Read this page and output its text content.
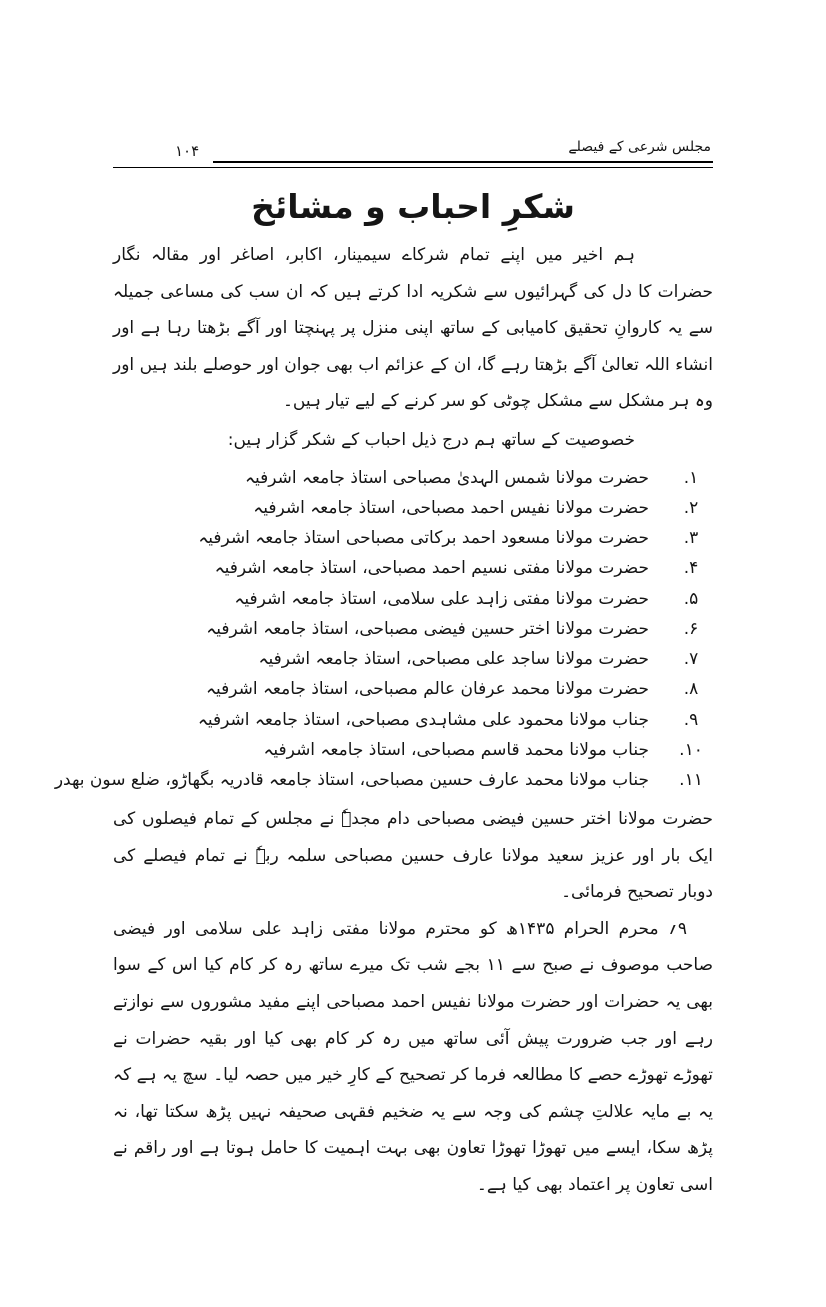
مجلس شرعی کے فیصلے
۱۰۴
شکرِ احباب و مشائخ

ہم اخیر میں اپنے تمام شرکاے سیمینار، اکابر، اصاغر اور مقالہ نگار حضرات کا دل کی گہرائیوں سے شکریہ ادا کرتے ہیں کہ ان سب کی مساعی جمیلہ سے یہ کاروانِ تحقیق کامیابی کے ساتھ اپنی منزل پر پہنچتا اور آگے بڑھتا رہا ہے اور انشاء اللہ تعالیٰ آگے بڑھتا رہے گا، ان کے عزائم اب بھی جوان اور حوصلے بلند ہیں اور وہ ہر مشکل سے مشکل چوٹی کو سر کرنے کے لیے تیار ہیں۔

خصوصیت کے ساتھ ہم درج ذیل احباب کے شکر گزار ہیں:

۱.
حضرت مولانا شمس الہدیٰ مصباحی استاذ جامعہ اشرفیہ
۲.
حضرت مولانا نفیس احمد مصباحی، استاذ جامعہ اشرفیہ
۳.
حضرت مولانا مسعود احمد برکاتی مصباحی استاذ جامعہ اشرفیہ
۴.
حضرت مولانا مفتی نسیم احمد مصباحی، استاذ جامعہ اشرفیہ
۵.
حضرت مولانا مفتی زاہد علی سلامی، استاذ جامعہ اشرفیہ
۶.
حضرت مولانا اختر حسین فیضی مصباحی، استاذ جامعہ اشرفیہ
۷.
حضرت مولانا ساجد علی مصباحی، استاذ جامعہ اشرفیہ
۸.
حضرت مولانا محمد عرفان عالم مصباحی، استاذ جامعہ اشرفیہ
۹.
جناب مولانا محمود علی مشاہدی مصباحی، استاذ جامعہ اشرفیہ
۱۰.
جناب مولانا محمد قاسم مصباحی، استاذ جامعہ اشرفیہ
۱۱.
جناب مولانا محمد عارف حسین مصباحی، استاذ جامعہ قادریہ بگھاڑو، ضلع سون بھدر

حضرت مولانا اختر حسین فیضی مصباحی دام مجدہٗ نے مجلس کے تمام فیصلوں کی ایک بار اور عزیز سعید مولانا عارف حسین مصباحی سلمہ ربہٗ نے تمام فیصلے کی دوبار تصحیح فرمائی۔

۹؍ محرم الحرام ۱۴۳۵ھ کو محترم مولانا مفتی زاہد علی سلامی اور فیضی صاحب موصوف نے صبح سے ۱۱ بجے شب تک میرے ساتھ رہ کر کام کیا اس کے سوا بھی یہ حضرات اور حضرت مولانا نفیس احمد مصباحی اپنے مفید مشوروں سے نوازتے رہے اور جب ضرورت پیش آئی ساتھ میں رہ کر کام بھی کیا اور بقیہ حضرات نے تھوڑے تھوڑے حصے کا مطالعہ فرما کر تصحیح کے کارِ خیر میں حصہ لیا۔ سچ یہ ہے کہ یہ بے مایہ علالتِ چشم کی وجہ سے یہ ضخیم فقہی صحیفہ نہیں پڑھ سکتا تھا، نہ پڑھ سکا، ایسے میں تھوڑا تھوڑا تعاون بھی بہت اہمیت کا حامل ہوتا ہے اور راقم نے اسی تعاون پر اعتماد بھی کیا ہے۔
